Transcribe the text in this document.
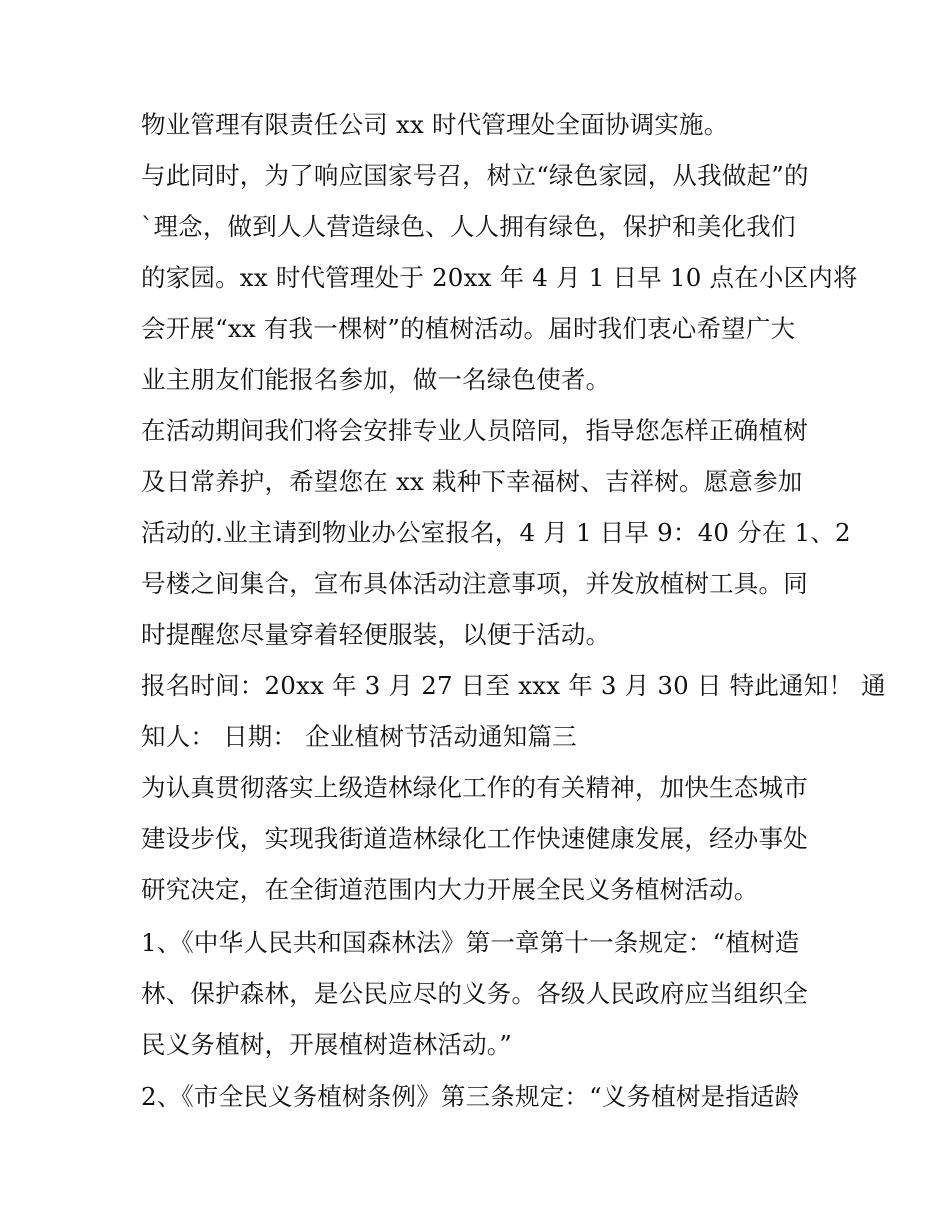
物业管理有限责任公司 xx 时代管理处全面协调实施。
与此同时，为了响应国家号召，树立“绿色家园，从我做起”的
`理念，做到人人营造绿色、人人拥有绿色，保护和美化我们
的家园。xx 时代管理处于 20xx 年 4 月 1 日早 10 点在小区内将
会开展“xx 有我一棵树”的植树活动。届时我们衷心希望广大
业主朋友们能报名参加，做一名绿色使者。
在活动期间我们将会安排专业人员陪同，指导您怎样正确植树
及日常养护，希望您在 xx 栽种下幸福树、吉祥树。愿意参加
活动的.业主请到物业办公室报名，4 月 1 日早 9：40 分在 1、2
号楼之间集合，宣布具体活动注意事项，并发放植树工具。同
时提醒您尽量穿着轻便服装，以便于活动。
报名时间：20xx 年 3 月 27 日至 xxx 年 3 月 30 日 特此通知！ 通
知人： 日期： 企业植树节活动通知篇三
为认真贯彻落实上级造林绿化工作的有关精神，加快生态城市
建设步伐，实现我街道造林绿化工作快速健康发展，经办事处
研究决定，在全街道范围内大力开展全民义务植树活动。
1、《中华人民共和国森林法》第一章第十一条规定：“植树造
林、保护森林，是公民应尽的义务。各级人民政府应当组织全
民义务植树，开展植树造林活动。”
2、《市全民义务植树条例》第三条规定：“义务植树是指适龄
